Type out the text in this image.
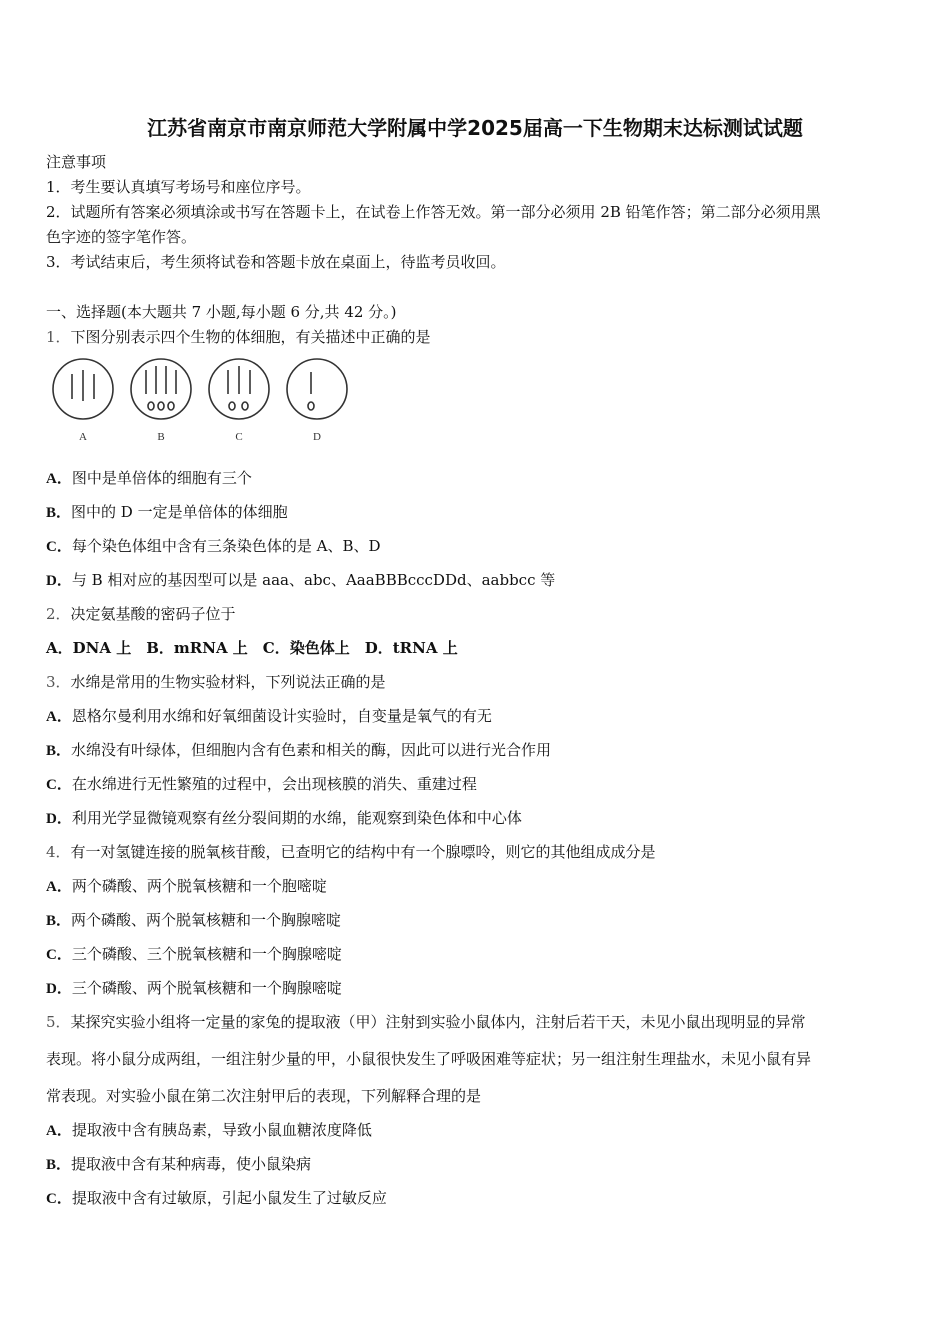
江苏省南京市南京师范大学附属中学2025届高一下生物期末达标测试试题
注意事项
1．考生要认真填写考场号和座位序号。
2．试题所有答案必须填涂或书写在答题卡上，在试卷上作答无效。第一部分必须用 2B 铅笔作答；第二部分必须用黑
色字迹的签字笔作答。
3．考试结束后，考生须将试卷和答题卡放在桌面上，待监考员收回。
一、选择题(本大题共 7 小题,每小题 6 分,共 42 分。)
1．下图分别表示四个生物的体细胞，有关描述中正确的是
A	B	C	D
A．图中是单倍体的细胞有三个
B．图中的 D 一定是单倍体的体细胞
C．每个染色体组中含有三条染色体的是 A、B、D
D．与 B 相对应的基因型可以是 aaa、abc、AaaBBBcccDDd、aabbcc 等
2．决定氨基酸的密码子位于
A．DNA 上　B．mRNA 上　C．染色体上　D．tRNA 上
3．水绵是常用的生物实验材料，下列说法正确的是
A．恩格尔曼利用水绵和好氧细菌设计实验时，自变量是氧气的有无
B．水绵没有叶绿体，但细胞内含有色素和相关的酶，因此可以进行光合作用
C．在水绵进行无性繁殖的过程中，会出现核膜的消失、重建过程
D．利用光学显微镜观察有丝分裂间期的水绵，能观察到染色体和中心体
4．有一对氢键连接的脱氧核苷酸，已查明它的结构中有一个腺嘌呤，则它的其他组成成分是
A．两个磷酸、两个脱氧核糖和一个胞嘧啶
B．两个磷酸、两个脱氧核糖和一个胸腺嘧啶
C．三个磷酸、三个脱氧核糖和一个胸腺嘧啶
D．三个磷酸、两个脱氧核糖和一个胸腺嘧啶
5．某探究实验小组将一定量的家兔的提取液（甲）注射到实验小鼠体内，注射后若干天，未见小鼠出现明显的异常
表现。将小鼠分成两组，一组注射少量的甲，小鼠很快发生了呼吸困难等症状；另一组注射生理盐水，未见小鼠有异
常表现。对实验小鼠在第二次注射甲后的表现，下列解释合理的是
A．提取液中含有胰岛素，导致小鼠血糖浓度降低
B．提取液中含有某种病毒，使小鼠染病
C．提取液中含有过敏原，引起小鼠发生了过敏反应
